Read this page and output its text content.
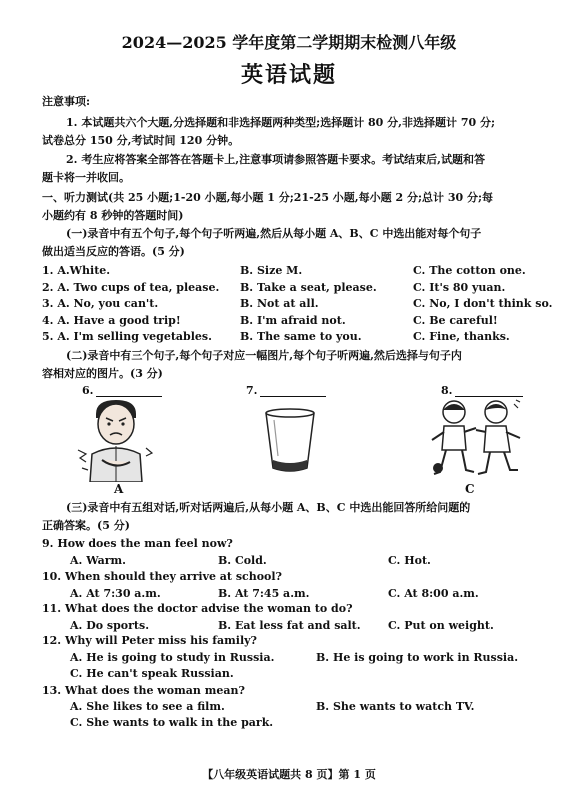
2024—2025 学年度第二学期期末检测八年级
英语试题
注意事项:
1. 本试题共六个大题,分选择题和非选择题两种类型;选择题计 80 分,非选择题计 70 分;
试卷总分 150 分,考试时间 120 分钟。
2. 考生应将答案全部答在答题卡上,注意事项请参照答题卡要求。考试结束后,试题和答
题卡将一并收回。
一、听力测试(共 25 小题;1-20 小题,每小题 1 分;21-25 小题,每小题 2 分;总计 30 分;每
小题约有 8 秒钟的答题时间)
(一)录音中有五个句子,每个句子听两遍,然后从每小题 A、B、C 中选出能对每个句子
做出适当反应的答语。(5 分)
1. A.White.	B. Size M.	C. The cotton one.
2. A. Two cups of tea, please. B. Take a seat, please.	C. It's 80 yuan.
3. A. No, you can't.	B. Not at all.	C. No, I don't think so.
4. A. Have a good trip!	B. I'm afraid not.	C. Be careful!
5. A. I'm selling vegetables.	B. The same to you.	C. Fine, thanks.
(二)录音中有三个句子,每个句子对应一幅图片,每个句子听两遍,然后选择与句子内
容相对应的图片。(3 分)
6.	7.	8.
A	C
(三)录音中有五组对话,听对话两遍后,从每小题 A、B、C 中选出能回答所给问题的
正确答案。(5 分)
9. How does the man feel now?
A. Warm.	B. Cold.	C. Hot.
10. When should they arrive at school?
A. At 7:30 a.m.	B. At 7:45 a.m.	C. At 8:00 a.m.
11. What does the doctor advise the woman to do?
A. Do sports.	B. Eat less fat and salt. C. Put on weight.
12. Why will Peter miss his family?
A. He is going to study in Russia.	B. He is going to work in Russia.
C. He can't speak Russian.
13. What does the woman mean?
A. She likes to see a film.	B. She wants to watch TV.
C. She wants to walk in the park.
【八年级英语试题共 8 页】第 1 页
